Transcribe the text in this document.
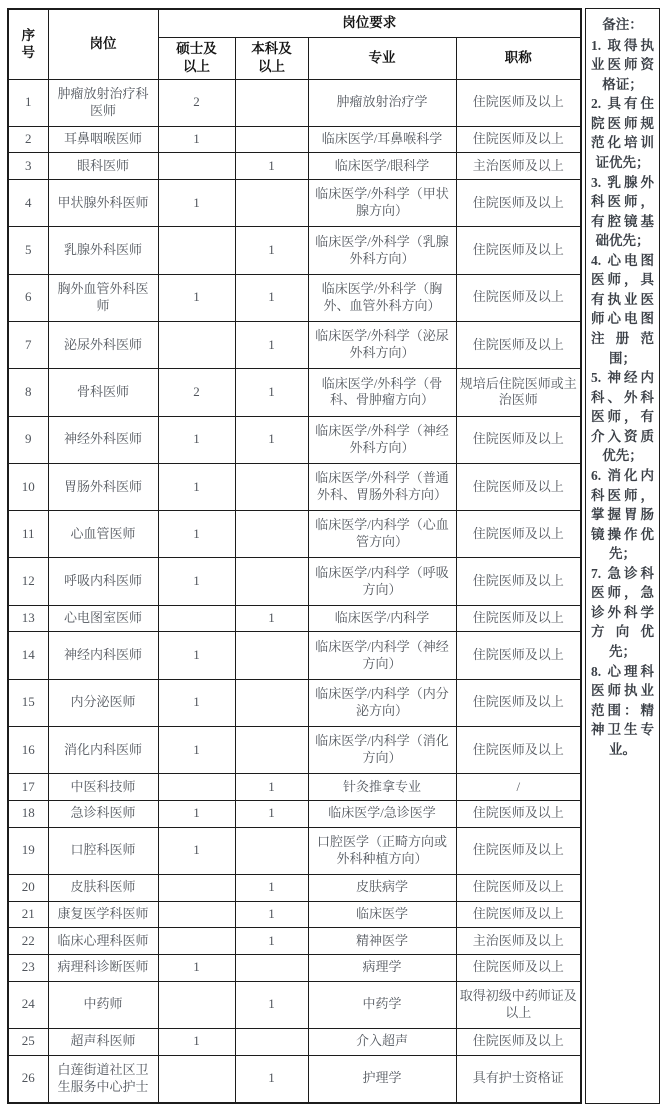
序号	岗位	岗位要求			
		硕士及以上	本科及以上	专业	职称
1	肿瘤放射治疗科医师	2		肿瘤放射治疗学	住院医师及以上
2	耳鼻咽喉医师	1		临床医学/耳鼻喉科学	住院医师及以上
3	眼科医师		1	临床医学/眼科学	主治医师及以上
4	甲状腺外科医师	1		临床医学/外科学（甲状腺方向）	住院医师及以上
5	乳腺外科医师		1	临床医学/外科学（乳腺外科方向）	住院医师及以上
6	胸外血管外科医师	1	1	临床医学/外科学（胸外、血管外科方向）	住院医师及以上
7	泌尿外科医师		1	临床医学/外科学（泌尿外科方向）	住院医师及以上
8	骨科医师	2	1	临床医学/外科学（骨科、骨肿瘤方向）	规培后住院医师或主治医师
9	神经外科医师	1	1	临床医学/外科学（神经外科方向）	住院医师及以上
10	胃肠外科医师	1		临床医学/外科学（普通外科、胃肠外科方向）	住院医师及以上
11	心血管医师	1		临床医学/内科学（心血管方向）	住院医师及以上
12	呼吸内科医师	1		临床医学/内科学（呼吸方向）	住院医师及以上
13	心电图室医师		1	临床医学/内科学	住院医师及以上
14	神经内科医师	1		临床医学/内科学（神经方向）	住院医师及以上
15	内分泌医师	1		临床医学/内科学（内分泌方向）	住院医师及以上
16	消化内科医师	1		临床医学/内科学（消化方向）	住院医师及以上
17	中医科技师		1	针灸推拿专业	/
18	急诊科医师	1	1	临床医学/急诊医学	住院医师及以上
19	口腔科医师	1		口腔医学（正畸方向或外科种植方向）	住院医师及以上
20	皮肤科医师		1	皮肤病学	住院医师及以上
21	康复医学科医师		1	临床医学	住院医师及以上
22	临床心理科医师		1	精神医学	主治医师及以上
23	病理科诊断医师	1		病理学	住院医师及以上
24	中药师		1	中药学	取得初级中药师证及以上
25	超声科医师	1		介入超声	住院医师及以上
26	白莲街道社区卫生服务中心护士		1	护理学	具有护士资格证
备注：
1. 取得执业医师资格证；
2. 具有住院医师规范化培训证优先；
3. 乳腺外科医师，有腔镜基础优先；
4. 心电图医师，具有执业医师心电图注册范围；
5. 神经内科、外科医师，有介入资质优先；
6. 消化内科医师，掌握胃肠镜操作优先；
7. 急诊科医师，急诊外科学方向优先；
8. 心理科医师执业范围：精神卫生专业。
